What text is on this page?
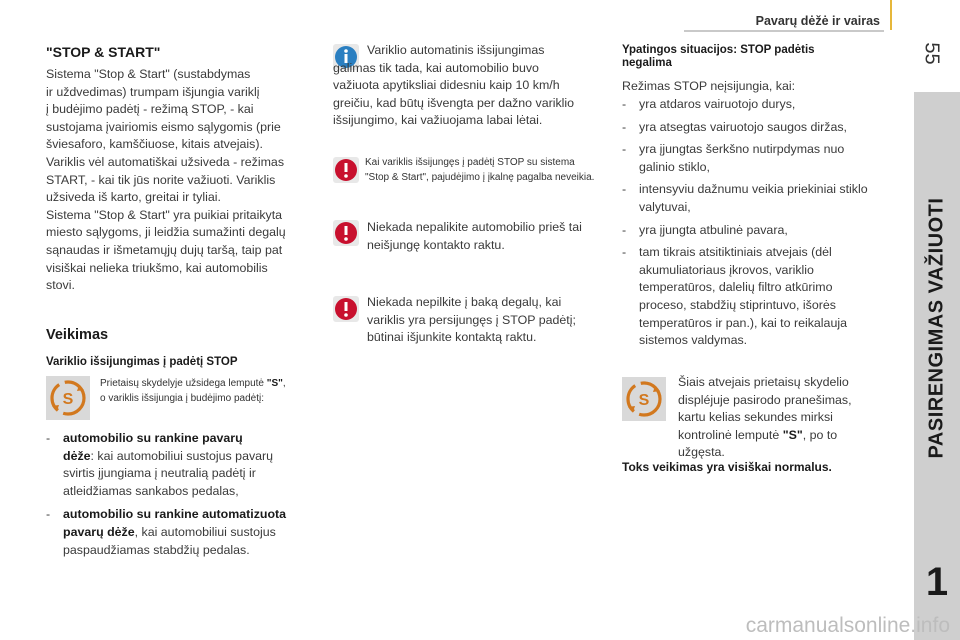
Pavarų dėžė ir vairas
55
PASIRENGIMAS VAŽIUOTI
1
"STOP & START"

Sistema "Stop & Start" (sustabdymas
ir uždvedimas) trumpam išjungia variklį
į budėjimo padėtį - režimą STOP, - kai
sustojama įvairiomis eismo sąlygomis (prie
šviesaforo, kamščiuose, kitais atvejais).
Variklis vėl automatiškai užsiveda - režimas
START, - kai tik jūs norite važiuoti. Variklis
užsiveda iš karto, greitai ir tyliai.
Sistema "Stop & Start" yra puikiai pritaikyta
miesto sąlygoms, ji leidžia sumažinti degalų
sąnaudas ir išmetamųjų dujų taršą, taip pat
visiškai nelieka triukšmo, kai automobilis
stovi.

Veikimas
Variklio išsijungimas į padėtį STOP
S

Prietaisų skydelyje užsidega lemputė "S",
o variklis išsijungia į budėjimo padėtį:

- automobilio su rankine pavarų
dėže: kai automobiliui sustojus pavarų
svirtis įjungiama į neutralią padėtį ir
atleidžiamas sankabos pedalas,
- automobilio su rankine automatizuota
pavarų dėže, kai automobiliui sustojus
paspaudžiamas stabdžių pedalas.

Variklio automatinis išsijungimas
galimas tik tada, kai automobilio buvo
važiuota apytiksliai didesniu kaip 10 km/h
greičiu, kad būtų išvengta per dažno variklio
išsijungimo, kai važiuojama labai lėtai.

Kai variklis išsijungęs į padėtį STOP su sistema
"Stop & Start", pajudėjimo į įkalnę pagalba neveikia.

Niekada nepalikite automobilio prieš tai
neišjungę kontakto raktu.

Niekada nepilkite į baką degalų, kai
variklis yra persijungęs į STOP padėtį;
būtinai išjunkite kontaktą raktu.

Ypatingos situacijos: STOP padėtis
negalima

Režimas STOP neįsijungia, kai:

- yra atdaros vairuotojo durys,
- yra atsegtas vairuotojo saugos diržas,
- yra įjungtas šerkšno nutirpdymas nuo
galinio stiklo,
- intensyviu dažnumu veikia priekiniai stiklo
valytuvai,
- yra įjungta atbulinė pavara,
- tam tikrais atsitiktiniais atvejais (dėl
akumuliatoriaus įkrovos, variklio
temperatūros, dalelių filtro atkūrimo
proceso, stabdžių stiprintuvo, išorės
temperatūros ir pan.), kai to reikalauja
sistemos valdymas.
S

Šiais atvejais prietaisų skydelio
displéjuje pasirodo pranešimas,
kartu kelias sekundes mirksi
kontrolinė lemputė "S", po to
užgęsta.

Toks veikimas yra visiškai normalus.
carmanualsonline.info
